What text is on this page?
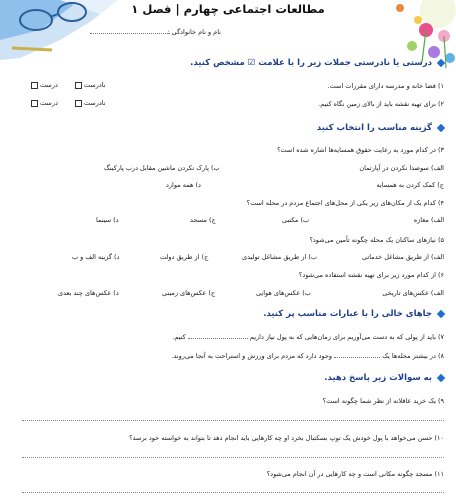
مطالعات اجتماعی چهارم | فصل ۱
نام و نام خانوادگی :
درستی یا نادرستی جملات زیر را با علامت ☑ مشخص کنید.
۱) فضا خانه و مدرسه دارای مقررات است.
نادرست
درست
۲) برای تهیه نقشه باید از بالای زمین نگاه کنیم.
نادرست
درست
گزینه مناسب را انتخاب کنید
۳) در کدام مورد به رعایت حقوق همسایه‌ها اشاره شده است؟
الف) سوصدا نکردن در آپارتمان
ب) پارک نکردن ماشین مقابل درب پارکینگ
ج) کمک کردن به همسایه
د) همه موارد
۴) کدام یک از مکان‌های زیر یکی از محل‌های اجتماع مردم در محله است؟
الف) مغازه
ب) مکتبی
ج) مسجد
د) سینما
۵) نیازهای ساکنان یک محله چگونه تأمین می‌شود؟
الف) از طریق مشاغل خدماتی
ب) از طریق مشاغل تولیدی
ج) از طریق دولت
د) گزینه الف و ب
۶) از کدام مورد زیر برای تهیه نقشه استفاده می‌شود؟
الف) عکس‌های تاریخی
ب) عکس‌های هوایی
ج) عکس‌های زمینی
د) عکس‌های چند بعدی
جاهای خالی را با عبارات مناسب پر کنید.
۷) باید از پولی که به دست می‌آوریم برای زمان‌هایی که به پول نیاز داریم  کنیم.
۸) در بیشتر محله‌ها یک  وجود دارد که مردم برای ورزش و استراحت به آنجا می‌روند.
به سوالات زیر پاسخ دهید.
۹) یک خرید عاقلانه از نظر شما چگونه است؟
۱۰) حسن می‌خواهد با پول خودش یک توپ بسکتبال بخرد او چه کارهایی باید انجام دهد تا بتواند به خواسته خود برسد؟
۱۱) مسجد چگونه مکانی است و چه کارهایی در آن انجام می‌شود؟
